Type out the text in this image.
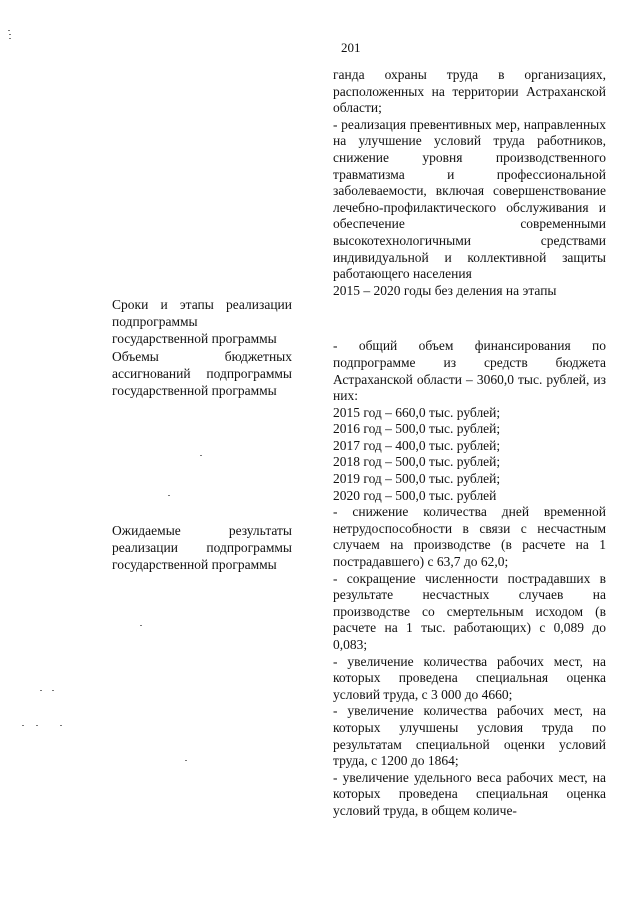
201
Сроки и этапы реализации подпрограммы государственной программы
Объемы бюджетных ассигнований подпрограммы государственной программы
Ожидаемые результаты реализации подпрограммы государственной программы

ганда охраны труда в организациях, расположенных на территории Астраханской области;

- реализация превентивных мер, направленных на улучшение условий труда работников, снижение уровня производственного травматизма и профессиональной заболеваемости, включая совершенствование лечебно-профилактического обслуживания и обеспечение современными высокотехнологичными средствами индивидуальной и коллективной защиты работающего населения

2015 – 2020 годы без деления на этапы

- общий объем финансирования по подпрограмме из средств бюджета Астраханской области – 3060,0 тыс. рублей, из них:

2015 год – 660,0 тыс. рублей;

2016 год – 500,0 тыс. рублей;

2017 год – 400,0 тыс. рублей;

2018 год – 500,0 тыс. рублей;

2019 год – 500,0 тыс. рублей;

2020 год – 500,0 тыс. рублей

- снижение количества дней временной нетрудоспособности в связи с несчастным случаем на производстве (в расчете на 1 пострадавшего) с 63,7 до 62,0;

- сокращение численности пострадавших в результате несчастных случаев на производстве со смертельным исходом (в расчете на 1 тыс. работающих) с 0,089 до 0,083;

- увеличение количества рабочих мест, на которых проведена специальная оценка условий труда, с 3 000 до 4660;

- увеличение количества рабочих мест, на которых улучшены условия труда по результатам специальной оценки условий труда, с 1200 до 1864;

- увеличение удельного веса рабочих мест, на которых проведена специальная оценка условий труда, в общем количе-
